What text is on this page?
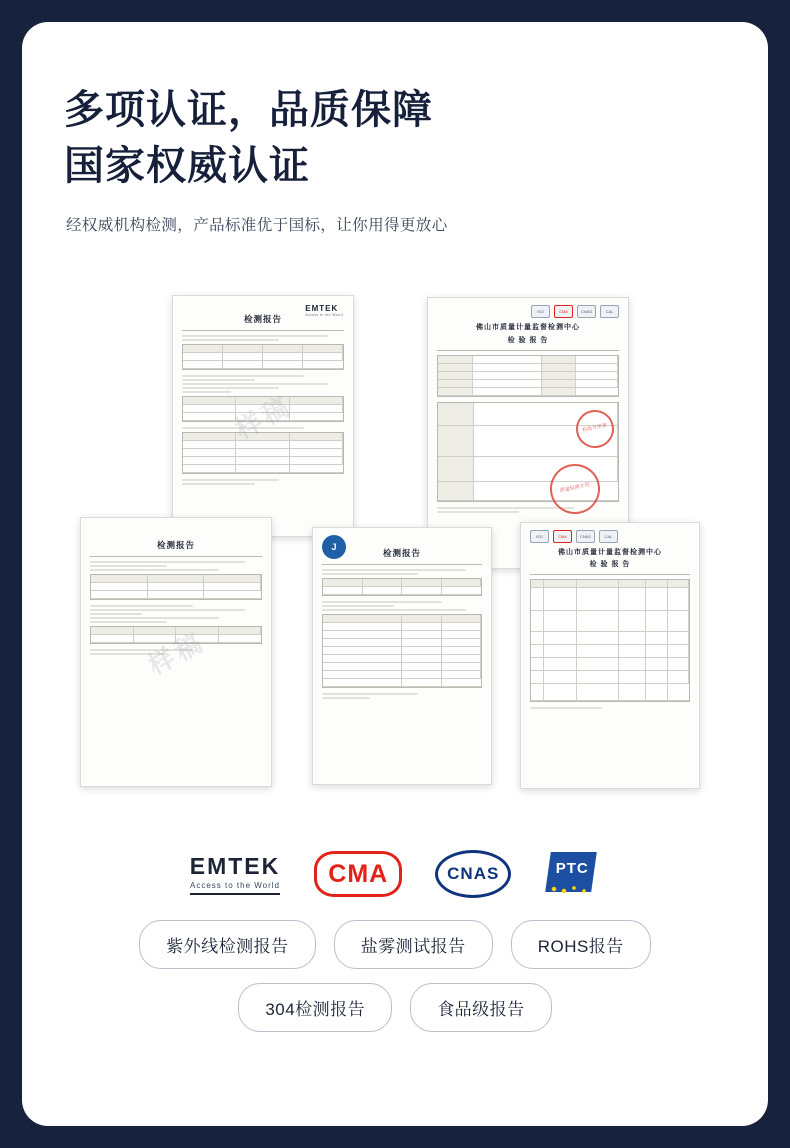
多项认证，品质保障
国家权威认证

经权威机构检测，产品标准优于国标，让你用得更放心

EMTEK
Access to the World
检测报告
ISO	CMA	CNAS	CAL
佛山市质量计量监督检测中心
检 验 报 告
检验专用章
质量检测专用
检测报告
样稿
J
检测报告
ISO	CMA	CNAS	CAL
佛山市质量计量监督检测中心
检 验 报 告
EMTEK
Access to the World CMA	CNAS	PTC
紫外线检测报告	盐雾测试报告	ROHS报告
304检测报告	食品级报告
